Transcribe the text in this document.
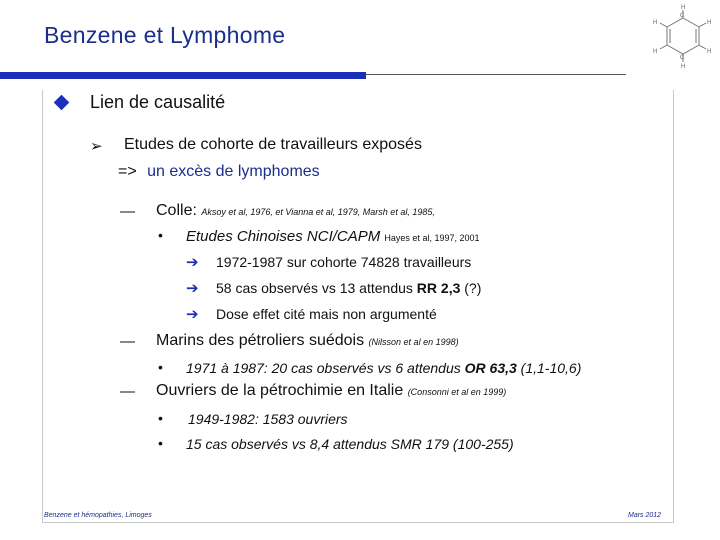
Benzene et Lymphome
H
H
H
H
H
H
C
C
Lien de causalité
➢ Etudes de cohorte de travailleurs exposés
=> un excès de lymphomes
— Colle: Aksoy et al, 1976, et Vianna et al, 1979, Marsh et al, 1985,
• Etudes Chinoises NCI/CAPM Hayes et al, 1997, 2001
➔ 1972-1987 sur cohorte 74828 travailleurs
➔ 58 cas observés vs 13 attendus RR 2,3 (?)
➔ Dose effet cité mais non argumenté
— Marins des pétroliers suédois (Nilsson et al en 1998)
• 1971 à 1987: 20 cas observés vs 6 attendus OR 63,3 (1,1-10,6)
— Ouvriers de la pétrochimie en Italie (Consonni et al en 1999)
• 1949-1982: 1583 ouvriers
• 15 cas observés vs 8,4 attendus SMR 179 (100-255)
Benzene et hémopathies, Limoges	Mars 2012
